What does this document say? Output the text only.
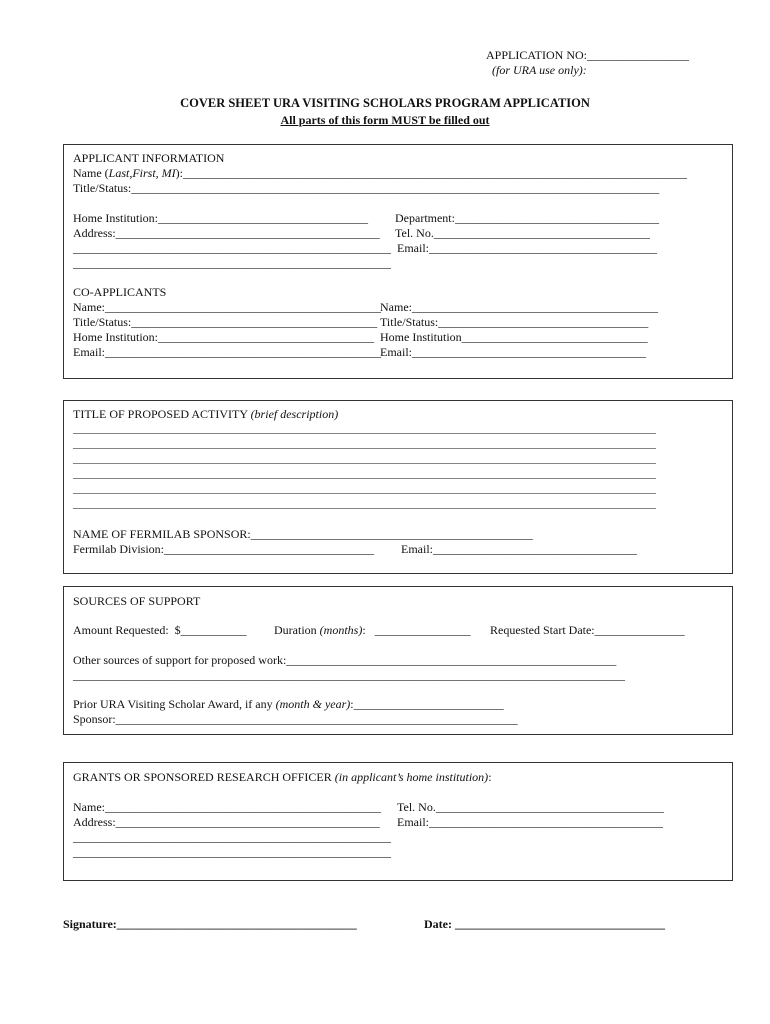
APPLICATION NO:_________________
(for URA use only):
COVER SHEET URA VISITING SCHOLARS PROGRAM APPLICATION
All parts of this form MUST be filled out
APPLICANT INFORMATION
Name (Last,First, MI):____________________________________________________________________________________
Title/Status:________________________________________________________________________________________
Home Institution:___________________________________ Department:__________________________________
Address:____________________________________________ Tel. No.____________________________________
_____________________________________________________ Email:______________________________________
_____________________________________________________
CO-APPLICANTS
Name:______________________________________________ Name:_________________________________________
Title/Status:_________________________________________ Title/Status:___________________________________
Home Institution:____________________________________ Home Institution_______________________________
Email:______________________________________________ Email:_______________________________________
TITLE OF PROPOSED ACTIVITY (brief description)
__________________________________________________________________________________________________________
__________________________________________________________________________________________________________
__________________________________________________________________________________________________________
__________________________________________________________________________________________________________
__________________________________________________________________________________________________________
__________________________________________________________________________________________________________
NAME OF FERMILAB SPONSOR:_______________________________________________
Fermilab Division:___________________________________ Email:__________________________________
SOURCES OF SUPPORT
Amount Requested:  $___________ Duration (months):   ________________ Requested Start Date:_______________
Other sources of support for proposed work:_______________________________________________________
____________________________________________________________________________________________
Prior URA Visiting Scholar Award, if any (month & year):_________________________
Sponsor:___________________________________________________________________
GRANTS OR SPONSORED RESEARCH OFFICER (in applicant’s home institution):
Name:______________________________________________ Tel. No.______________________________________
Address:____________________________________________ Email:_______________________________________
_____________________________________________________
_____________________________________________________
Signature:________________________________________	Date: ___________________________________
